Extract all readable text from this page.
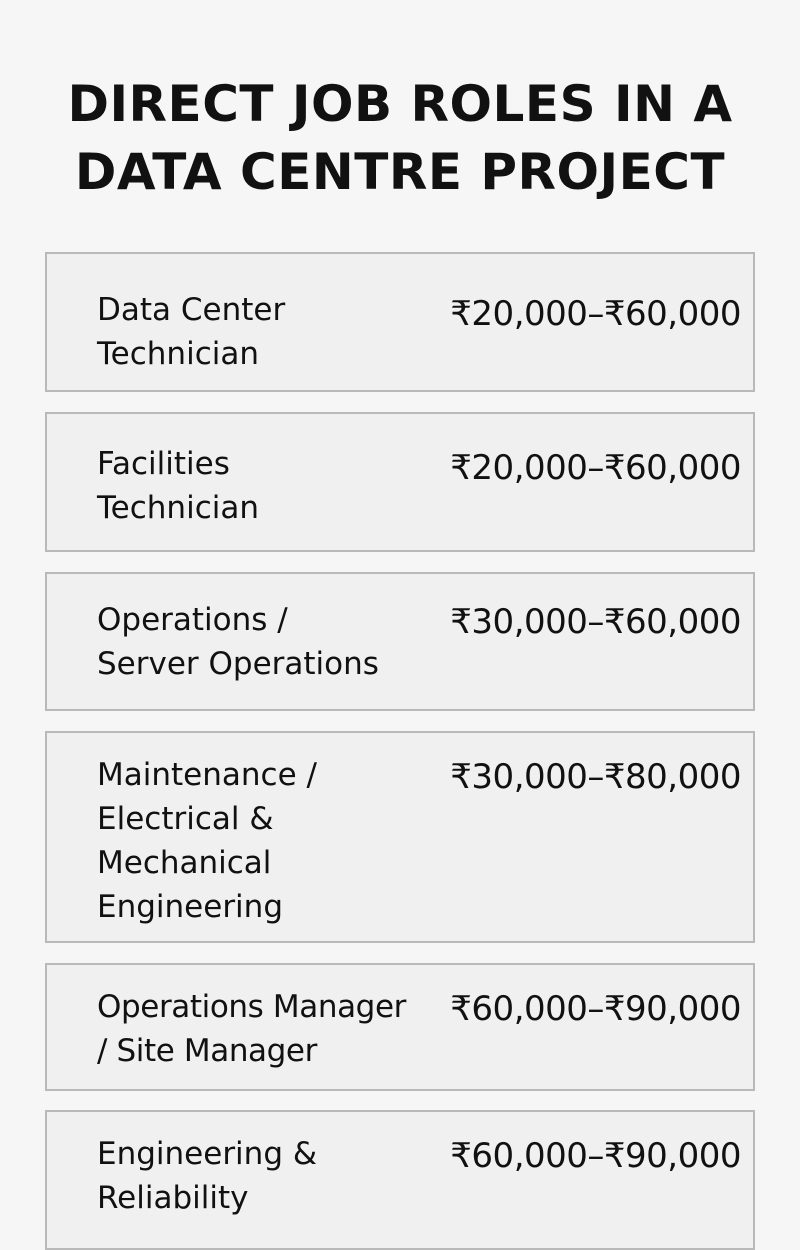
DIRECT JOB ROLES IN A
DATA CENTRE PROJECT
Data Center
Technician
₹20,000–₹60,000
Facilities
Technician
₹20,000–₹60,000
Operations /
Server Operations
₹30,000–₹60,000
Maintenance /
Electrical &
Mechanical
Engineering
₹30,000–₹80,000
Operations Manager
/ Site Manager
₹60,000–₹90,000
Engineering &
Reliability
₹60,000–₹90,000
